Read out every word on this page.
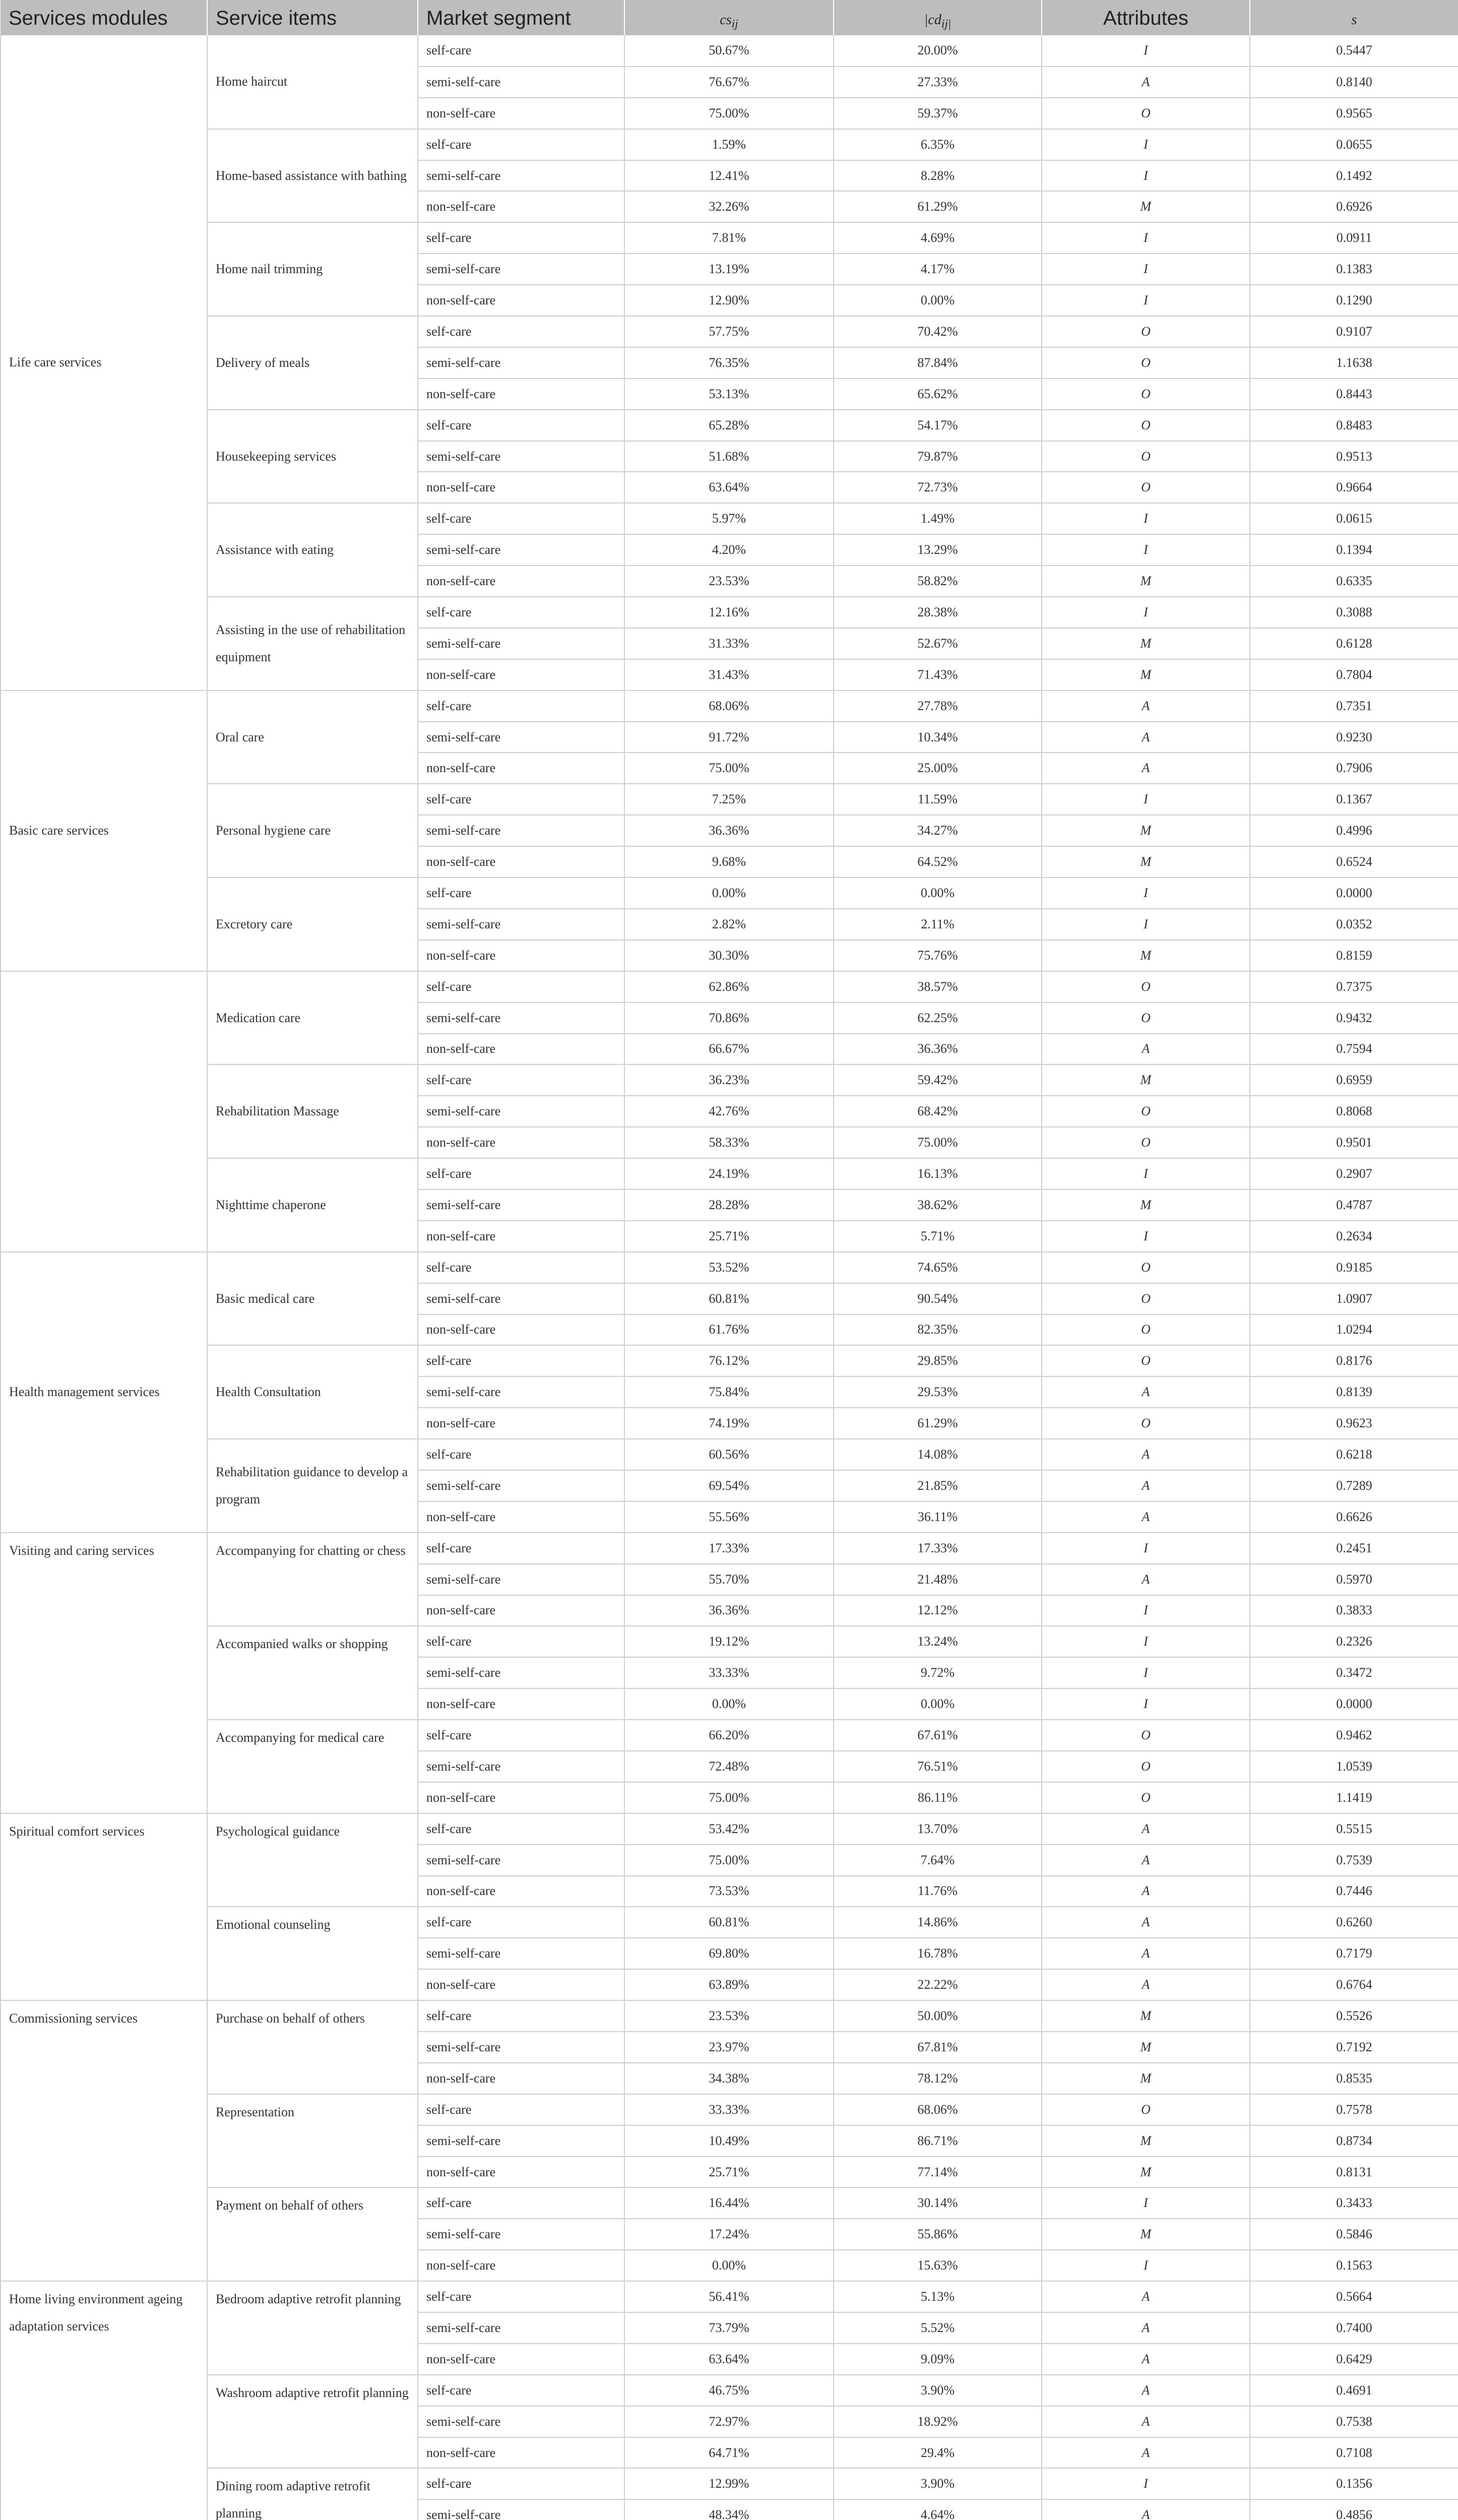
Services modules	Service items	Market segment	$cs_{ij}$	$|cd_{ij|}$	Attributes	s
Life care services	Home haircut	self-care	50.67%	20.00%	I	0.5447
		semi-self-care	76.67%	27.33%	A	0.8140
		non-self-care	75.00%	59.37%	O	0.9565
	Home-based assistance with bathing	self-care	1.59%	6.35%	I	0.0655
		semi-self-care	12.41%	8.28%	I	0.1492
		non-self-care	32.26%	61.29%	M	0.6926
	Home nail trimming	self-care	7.81%	4.69%	I	0.0911
		semi-self-care	13.19%	4.17%	I	0.1383
		non-self-care	12.90%	0.00%	I	0.1290
	Delivery of meals	self-care	57.75%	70.42%	O	0.9107
		semi-self-care	76.35%	87.84%	O	1.1638
		non-self-care	53.13%	65.62%	O	0.8443
	Housekeeping services	self-care	65.28%	54.17%	O	0.8483
		semi-self-care	51.68%	79.87%	O	0.9513
		non-self-care	63.64%	72.73%	O	0.9664
	Assistance with eating	self-care	5.97%	1.49%	I	0.0615
		semi-self-care	4.20%	13.29%	I	0.1394
		non-self-care	23.53%	58.82%	M	0.6335
	Assisting in the use of rehabilitation equipment	self-care	12.16%	28.38%	I	0.3088
		semi-self-care	31.33%	52.67%	M	0.6128
		non-self-care	31.43%	71.43%	M	0.7804
Basic care services	Oral care	self-care	68.06%	27.78%	A	0.7351
		semi-self-care	91.72%	10.34%	A	0.9230
		non-self-care	75.00%	25.00%	A	0.7906
	Personal hygiene care	self-care	7.25%	11.59%	I	0.1367
		semi-self-care	36.36%	34.27%	M	0.4996
		non-self-care	9.68%	64.52%	M	0.6524
	Excretory care	self-care	0.00%	0.00%	I	0.0000
		semi-self-care	2.82%	2.11%	I	0.0352
		non-self-care	30.30%	75.76%	M	0.8159
	Medication care	self-care	62.86%	38.57%	O	0.7375
		semi-self-care	70.86%	62.25%	O	0.9432
		non-self-care	66.67%	36.36%	A	0.7594
	Rehabilitation Massage	self-care	36.23%	59.42%	M	0.6959
		semi-self-care	42.76%	68.42%	O	0.8068
		non-self-care	58.33%	75.00%	O	0.9501
	Nighttime chaperone	self-care	24.19%	16.13%	I	0.2907
		semi-self-care	28.28%	38.62%	M	0.4787
		non-self-care	25.71%	5.71%	I	0.2634
Health management services	Basic medical care	self-care	53.52%	74.65%	O	0.9185
		semi-self-care	60.81%	90.54%	O	1.0907
		non-self-care	61.76%	82.35%	O	1.0294
	Health Consultation	self-care	76.12%	29.85%	O	0.8176
		semi-self-care	75.84%	29.53%	A	0.8139
		non-self-care	74.19%	61.29%	O	0.9623
	Rehabilitation guidance to develop a program	self-care	60.56%	14.08%	A	0.6218
		semi-self-care	69.54%	21.85%	A	0.7289
		non-self-care	55.56%	36.11%	A	0.6626
Visiting and caring services	Accompanying for chatting or chess	self-care	17.33%	17.33%	I	0.2451
		semi-self-care	55.70%	21.48%	A	0.5970
		non-self-care	36.36%	12.12%	I	0.3833
	Accompanied walks or shopping	self-care	19.12%	13.24%	I	0.2326
		semi-self-care	33.33%	9.72%	I	0.3472
		non-self-care	0.00%	0.00%	I	0.0000
	Accompanying for medical care	self-care	66.20%	67.61%	O	0.9462
		semi-self-care	72.48%	76.51%	O	1.0539
		non-self-care	75.00%	86.11%	O	1.1419
Spiritual comfort services	Psychological guidance	self-care	53.42%	13.70%	A	0.5515
		semi-self-care	75.00%	7.64%	A	0.7539
		non-self-care	73.53%	11.76%	A	0.7446
	Emotional counseling	self-care	60.81%	14.86%	A	0.6260
		semi-self-care	69.80%	16.78%	A	0.7179
		non-self-care	63.89%	22.22%	A	0.6764
Commissioning services	Purchase on behalf of others	self-care	23.53%	50.00%	M	0.5526
		semi-self-care	23.97%	67.81%	M	0.7192
		non-self-care	34.38%	78.12%	M	0.8535
	Representation	self-care	33.33%	68.06%	O	0.7578
		semi-self-care	10.49%	86.71%	M	0.8734
		non-self-care	25.71%	77.14%	M	0.8131
	Payment on behalf of others	self-care	16.44%	30.14%	I	0.3433
		semi-self-care	17.24%	55.86%	M	0.5846
		non-self-care	0.00%	15.63%	I	0.1563
Home living environment ageing adaptation services	Bedroom adaptive retrofit planning	self-care	56.41%	5.13%	A	0.5664
		semi-self-care	73.79%	5.52%	A	0.7400
		non-self-care	63.64%	9.09%	A	0.6429
	Washroom adaptive retrofit planning	self-care	46.75%	3.90%	A	0.4691
		semi-self-care	72.97%	18.92%	A	0.7538
		non-self-care	64.71%	29.4%	A	0.7108
	Dining room adaptive retrofit planning	self-care	12.99%	3.90%	I	0.1356
		semi-self-care	48.34%	4.64%	A	0.4856
